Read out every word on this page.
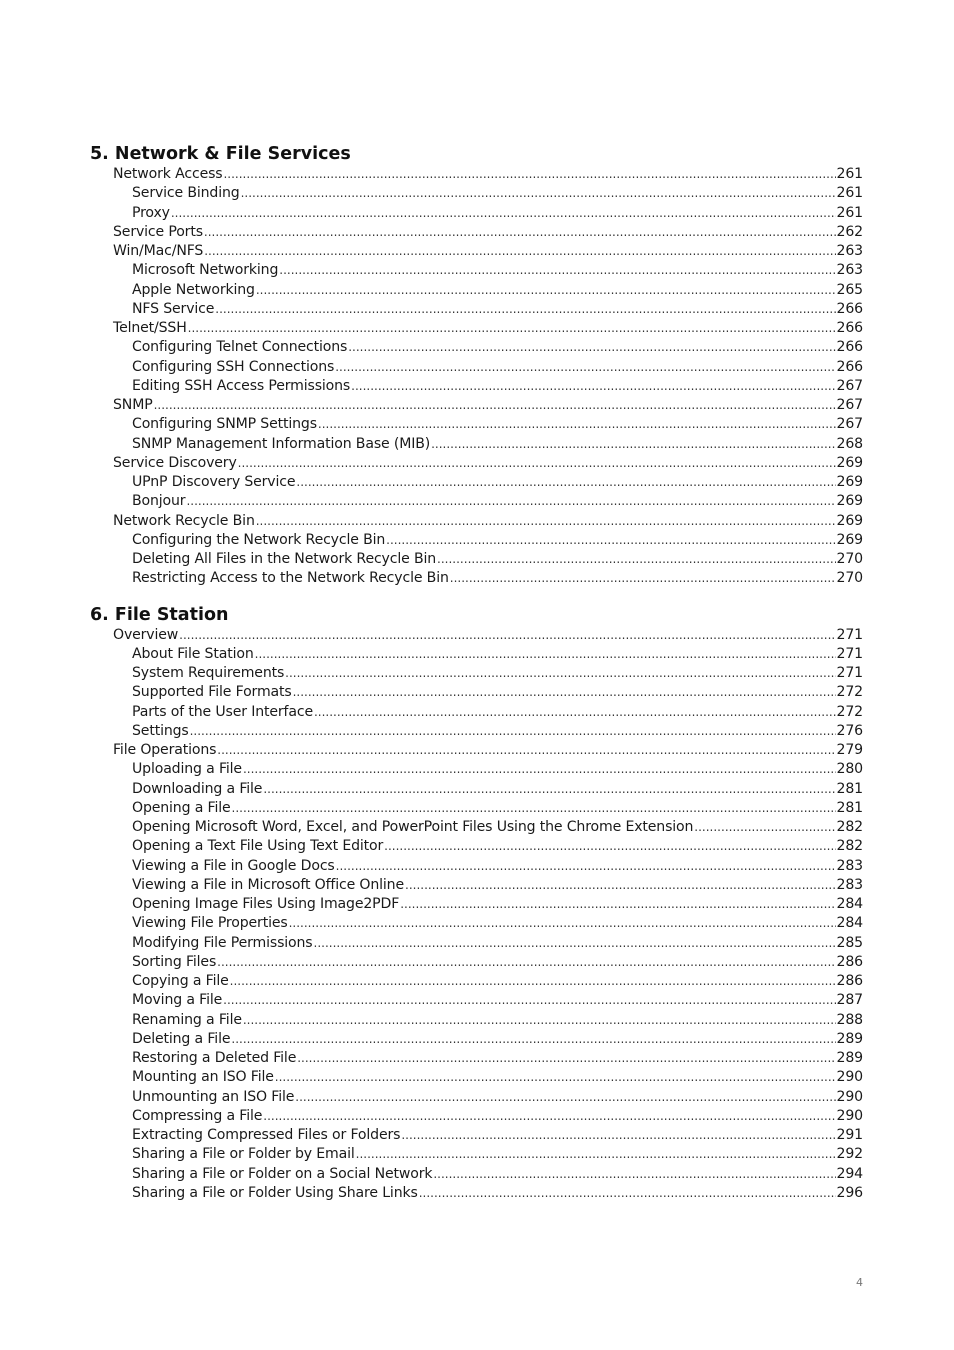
5. Network & File Services
Network Access .....	261
Service Binding .....	261
Proxy .....	261
Service Ports .....	262
Win/Mac/NFS .....	263
Microsoft Networking .....	263
Apple Networking .....	265
NFS Service .....	266
Telnet/SSH .....	266
Configuring Telnet Connections .....	266
Configuring SSH Connections .....	266
Editing SSH Access Permissions .....	267
SNMP .....	267
Configuring SNMP Settings .....	267
SNMP Management Information Base (MIB) .....	268
Service Discovery .....	269
UPnP Discovery Service .....	269
Bonjour .....	269
Network Recycle Bin .....	269
Configuring the Network Recycle Bin .....	269
Deleting All Files in the Network Recycle Bin .....	270
Restricting Access to the Network Recycle Bin .....	270
6. File Station
Overview .....	271
About File Station .....	271
System Requirements .....	271
Supported File Formats .....	272
Parts of the User Interface .....	272
Settings .....	276
File Operations .....	279
Uploading a File .....	280
Downloading a File .....	281
Opening a File .....	281
Opening Microsoft Word, Excel, and PowerPoint Files Using the Chrome Extension .....	282
Opening a Text File Using Text Editor .....	282
Viewing a File in Google Docs .....	283
Viewing a File in Microsoft Office Online .....	283
Opening Image Files Using Image2PDF .....	284
Viewing File Properties .....	284
Modifying File Permissions .....	285
Sorting Files .....	286
Copying a File .....	286
Moving a File .....	287
Renaming a File .....	288
Deleting a File .....	289
Restoring a Deleted File .....	289
Mounting an ISO File .....	290
Unmounting an ISO File .....	290
Compressing a File .....	290
Extracting Compressed Files or Folders .....	291
Sharing a File or Folder by Email .....	292
Sharing a File or Folder on a Social Network .....	294
Sharing a File or Folder Using Share Links .....	296
4
